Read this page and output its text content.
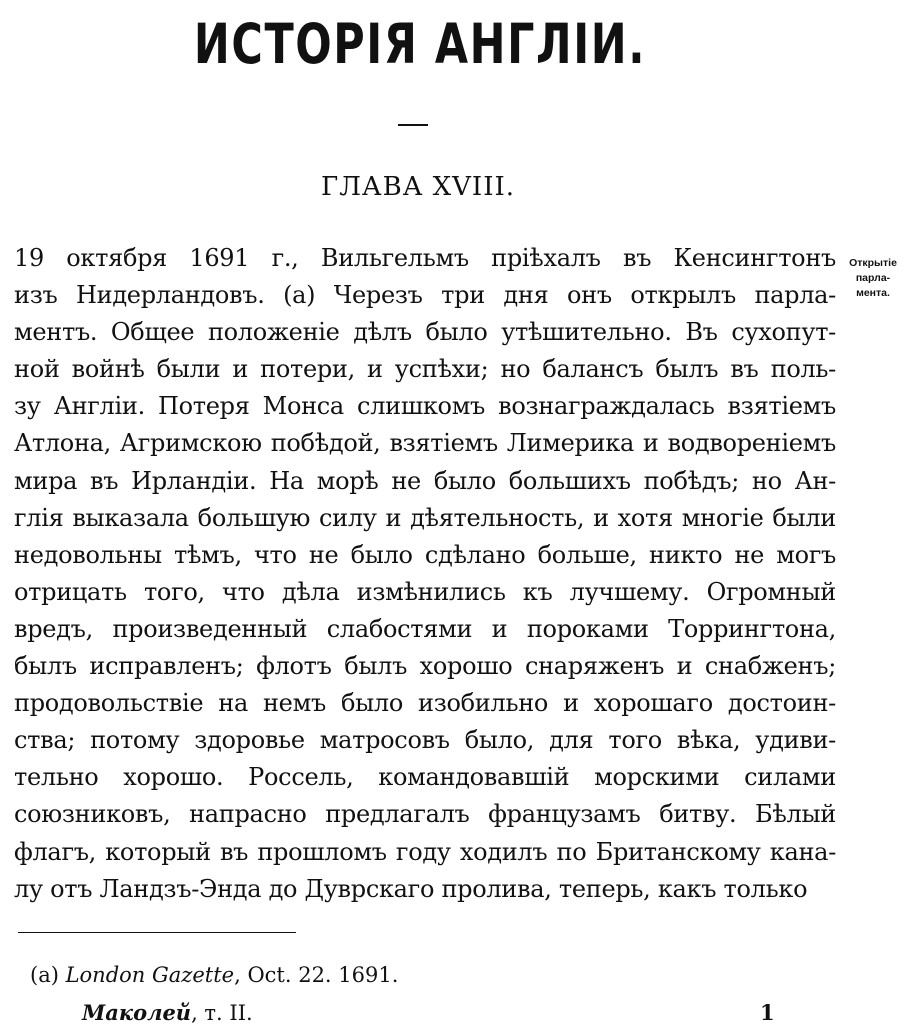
ИСТОРІЯ АНГЛІИ.
ГЛАВА XVIII.
19 октября 1691 г., Вильгельмъ пріѣхалъ въ Кенсингтонъ
изъ Нидерландовъ. (a) Черезъ три дня онъ открылъ парла-
ментъ. Общее положеніе дѣлъ было утѣшительно. Въ сухопут-
ной войнѣ были и потери, и успѣхи; но балансъ былъ въ поль-
зу Англіи. Потеря Монса слишкомъ вознаграждалась взятіемъ
Атлона, Агримскою побѣдой, взятіемъ Лимерика и водвореніемъ
мира въ Ирландіи. На морѣ не было большихъ побѣдъ; но Ан-
глія выказала большую силу и дѣятельность, и хотя многіе были
недовольны тѣмъ, что не было сдѣлано больше, никто не могъ
отрицать того, что дѣла измѣнились къ лучшему. Огромный
вредъ, произведенный слабостями и пороками Торрингтона,
былъ исправленъ; флотъ былъ хорошо снаряженъ и снабженъ;
продовольствіе на немъ было изобильно и хорошаго достоин-
ства; потому здоровье матросовъ было, для того вѣка, удиви-
тельно хорошо. Россель, командовавшій морскими силами
союзниковъ, напрасно предлагалъ французамъ битву. Бѣлый
флагъ, который въ прошломъ году ходилъ по Британскому кана-
лу отъ Ландзъ-Энда до Дуврскаго пролива, теперь, какъ только
Открытіе
парла-
мента.

(a) London Gazette, Oct. 22. 1691.

Маколей, т. II.	1
